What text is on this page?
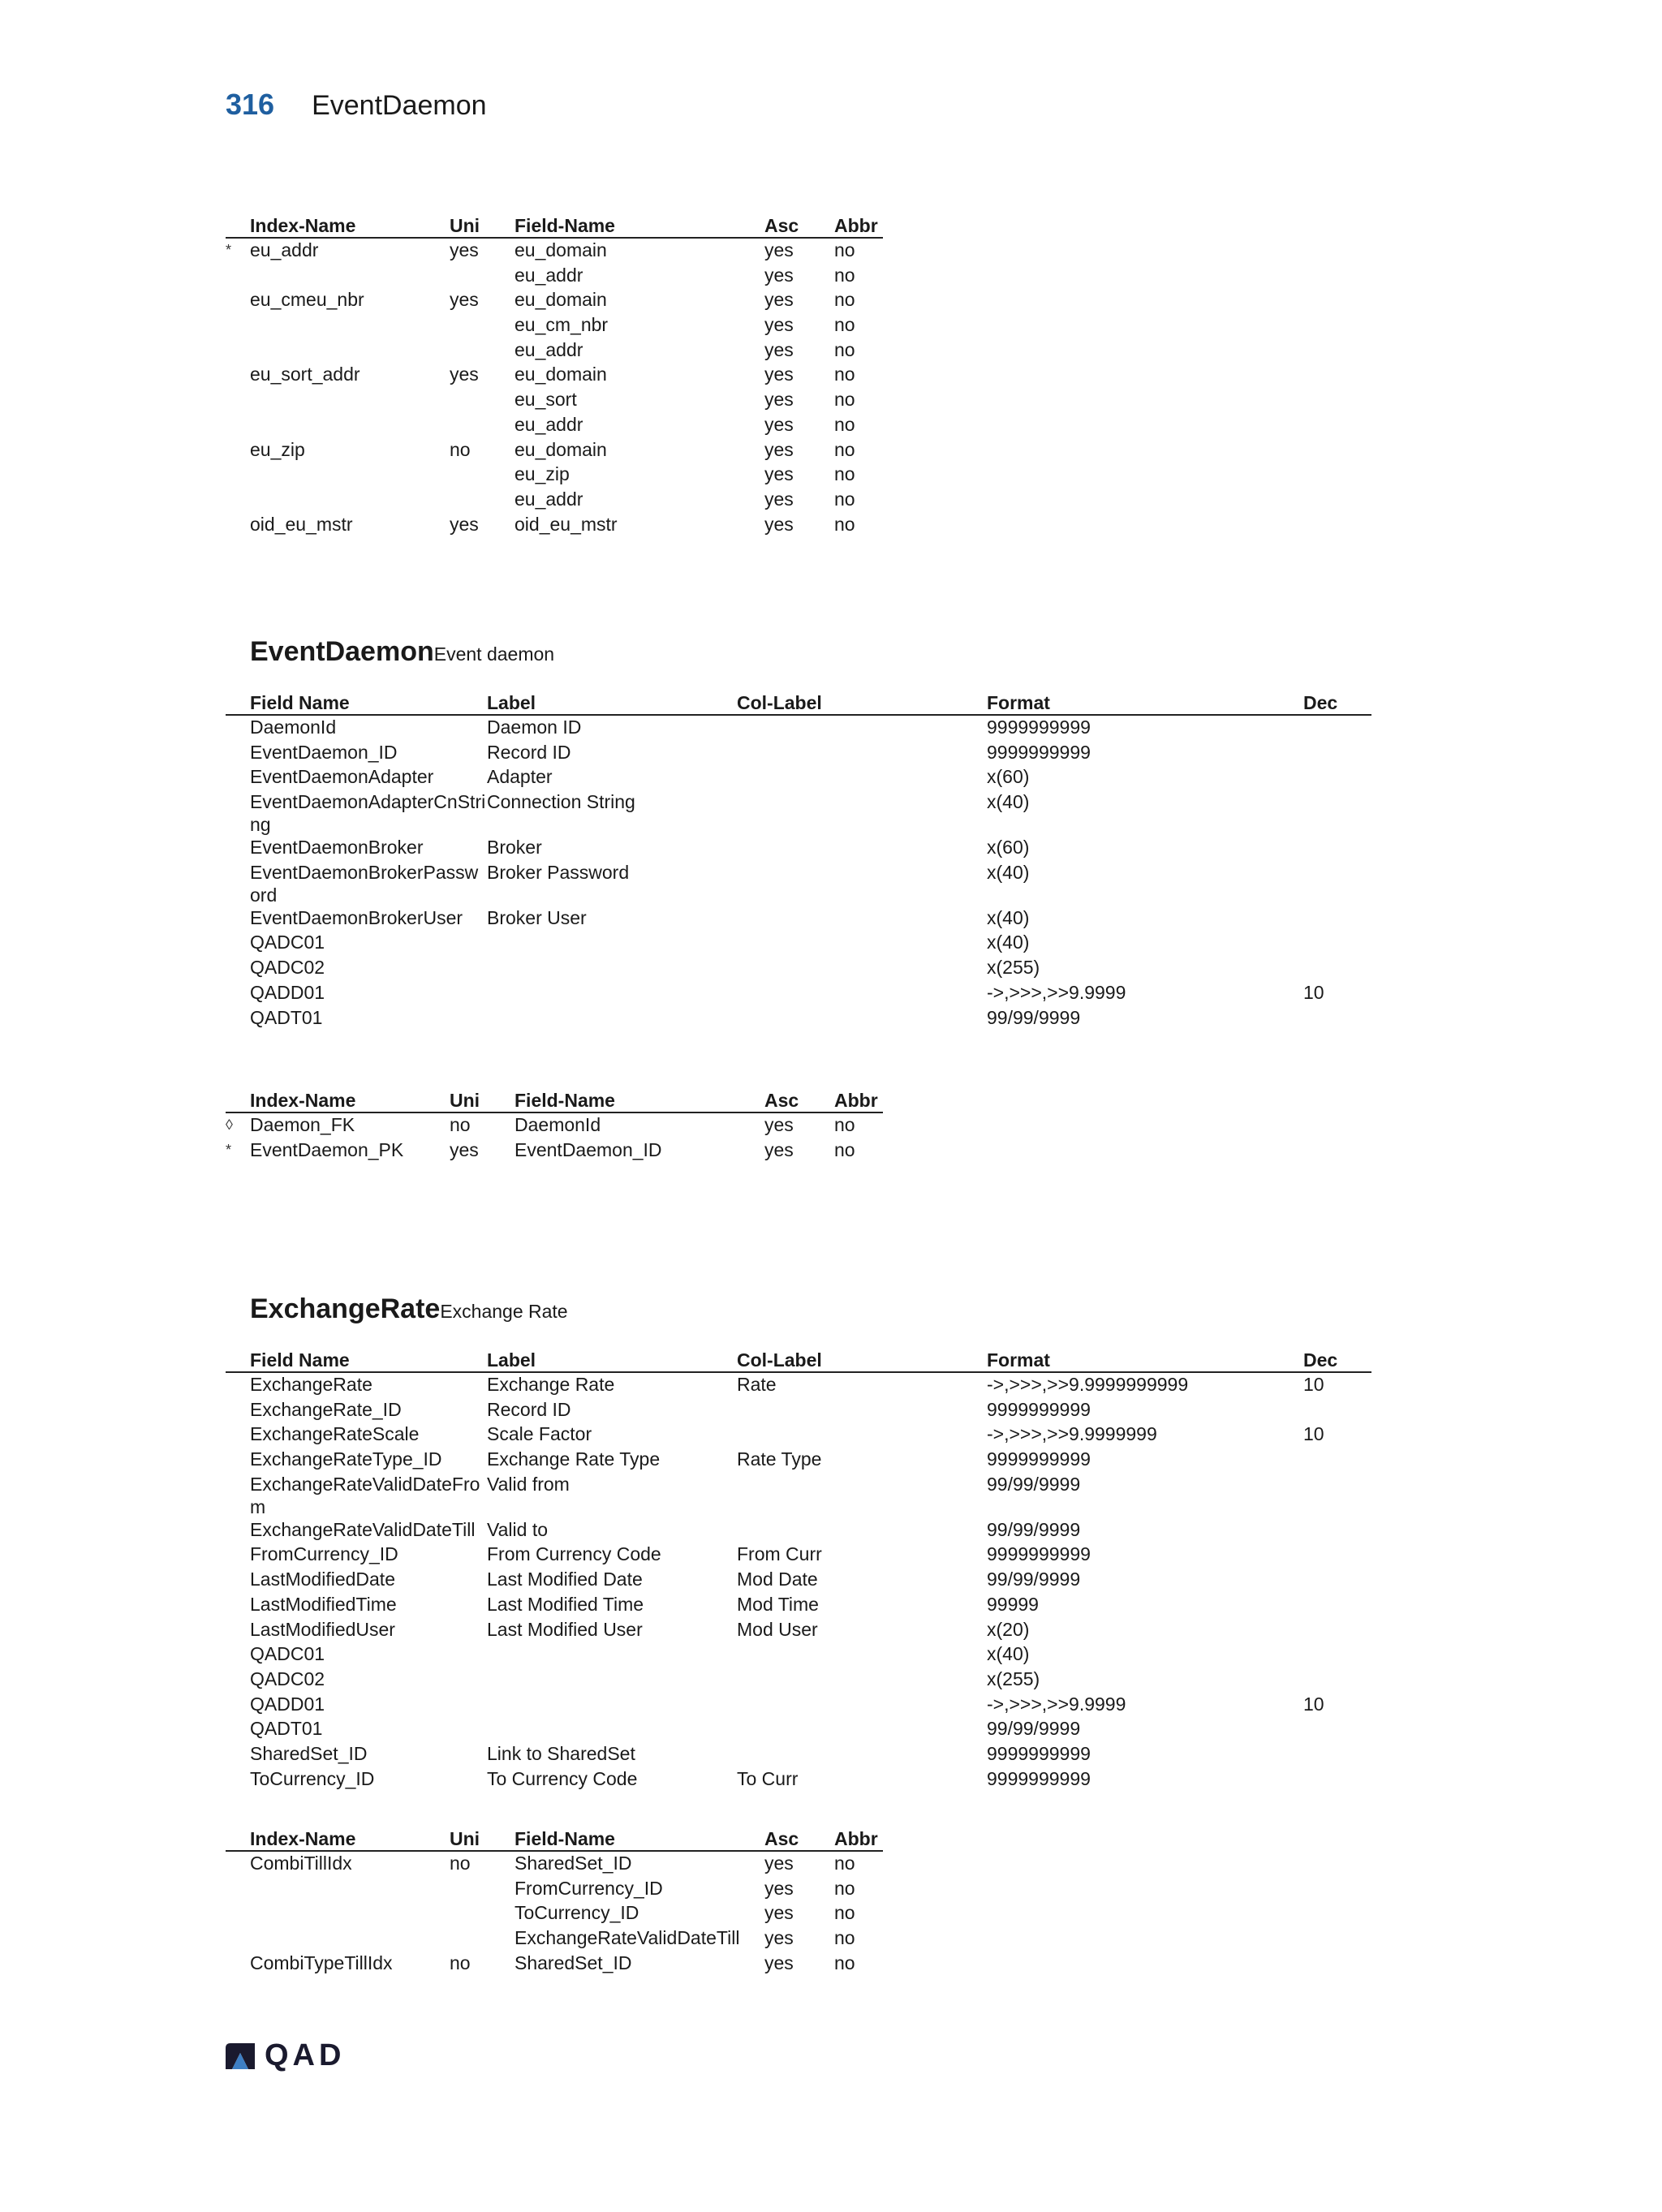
316 EventDaemon
	Index-Name	Uni	Field-Name	Asc	Abbr
*	eu_addr	yes	eu_domain	yes	no
			eu_addr	yes	no
	eu_cmeu_nbr	yes	eu_domain	yes	no
			eu_cm_nbr	yes	no
			eu_addr	yes	no
	eu_sort_addr	yes	eu_domain	yes	no
			eu_sort	yes	no
			eu_addr	yes	no
	eu_zip	no	eu_domain	yes	no
			eu_zip	yes	no
			eu_addr	yes	no
	oid_eu_mstr	yes	oid_eu_mstr	yes	no
EventDaemon Event daemon
	Field Name	Label	Col-Label	Format	Dec
	DaemonId	Daemon ID		9999999999	
	EventDaemon_ID	Record ID		9999999999	
	EventDaemonAdapter	Adapter		x(60)	
	EventDaemonAdapterCnString	Connection String		x(40)	
	EventDaemonBroker	Broker		x(60)	
	EventDaemonBrokerPassword	Broker Password		x(40)	
	EventDaemonBrokerUser	Broker User		x(40)	
	QADC01			x(40)	
	QADC02			x(255)	
	QADD01			->,>>>,>>9.9999	10
	QADT01			99/99/9999	
	Index-Name	Uni	Field-Name	Asc	Abbr
◊	Daemon_FK	no	DaemonId	yes	no
*	EventDaemon_PK	yes	EventDaemon_ID	yes	no
ExchangeRate Exchange Rate
	Field Name	Label	Col-Label	Format	Dec
	ExchangeRate	Exchange Rate	Rate	->,>>>,>>9.9999999999	10
	ExchangeRate_ID	Record ID		9999999999	
	ExchangeRateScale	Scale Factor		->,>>>,>>9.9999999	10
	ExchangeRateType_ID	Exchange Rate Type	Rate Type	9999999999	
	ExchangeRateValidDateFrom	Valid from		99/99/9999	
	ExchangeRateValidDateTill	Valid to		99/99/9999	
	FromCurrency_ID	From Currency Code	From Curr	9999999999	
	LastModifiedDate	Last Modified Date	Mod Date	99/99/9999	
	LastModifiedTime	Last Modified Time	Mod Time	99999	
	LastModifiedUser	Last Modified User	Mod User	x(20)	
	QADC01			x(40)	
	QADC02			x(255)	
	QADD01			->,>>>,>>9.9999	10
	QADT01			99/99/9999	
	SharedSet_ID	Link to SharedSet		9999999999	
	ToCurrency_ID	To Currency Code	To Curr	9999999999	
	Index-Name	Uni	Field-Name	Asc	Abbr
	CombiTillIdx	no	SharedSet_ID	yes	no
			FromCurrency_ID	yes	no
			ToCurrency_ID	yes	no
			ExchangeRateValidDateTill	yes	no
	CombiTypeTillIdx	no	SharedSet_ID	yes	no
QAD
